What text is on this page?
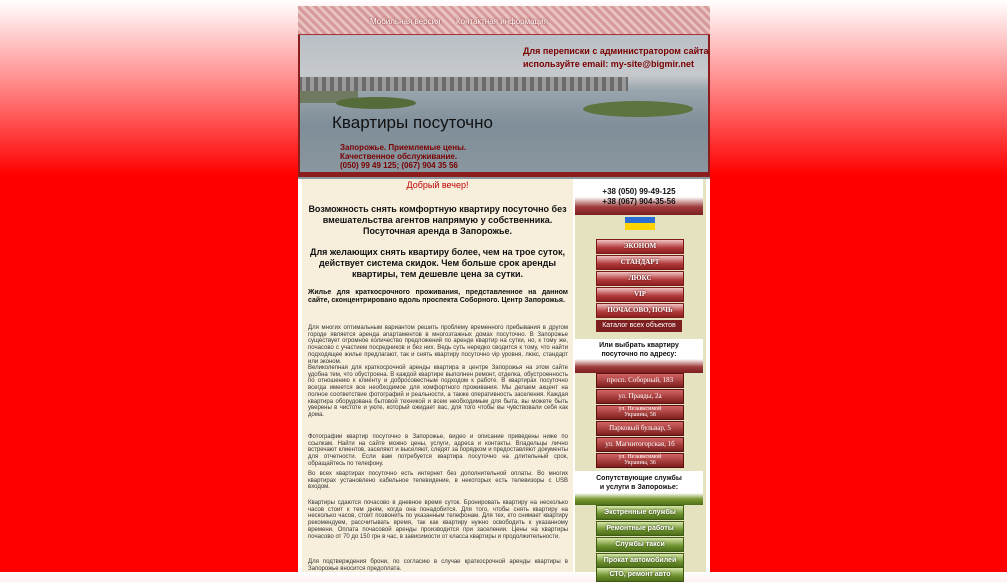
Мобильная версия Контактная информация
Для переписки с администратором сайта
используйте email: my-site@bigmir.net
Квартиры посуточно
Запорожье. Приемлемые цены.
Качественное обслуживание.
(050) 99 49 125; (067) 904 35 56
Добрый вечер!
Возможность снять комфортную квартиру посуточно без вмешательства агентов напрямую у собственника. Посуточная аренда в Запорожье.
Для желающих снять квартиру более, чем на трое суток, действует система скидок. Чем больше срок аренды квартиры, тем дешевле цена за сутки.
Жилье для краткосрочного проживания, представленное на данном сайте, сконцентрировано вдоль проспекта Соборного. Центр Запорожья.
Для многих оптимальным вариантом решить проблему временного пребывания в другом городе является аренда апартаментов в многоэтажных домах посуточно. В Запорожье существует огромное количество предложений по аренде квартир на сутки, но, к тому же, почасово с участием посредников и без них. Ведь суть нередко сводится к тому, что найти подходящее жилье предлагают, так и снять квартиру посуточно vip уровня, люкс, стандарт или эконом.
Великолепная для краткосрочной аренды квартира в центре Запорожья на этом сайте удобна тем, что обустроена. В каждой квартире выполнен ремонт, отделка, обустроенность по отношению к клиенту и добросовестным подходом к работе. В квартирах посуточно всегда имеется все необходимое для комфортного проживания. Мы делаем акцент на полное соответствие фотографий и реальности, а также оперативность заселения. Каждая квартира оборудована бытовой техникой и всем необходимым для быта, вы можете быть уверены в чистоте и уюте, который ожидает вас, для того чтобы вы чувствовали себя как дома.
Фотографии квартир посуточно в Запорожье, видео и описание приведены ниже по ссылкам. Найти на сайте можно цены, услуги, адреса и контакты. Владельцы лично встречают клиентов, заселяют и выселяют, следят за порядком и предоставляют документы для отчетности. Если вам потребуется квартира посуточно на длительный срок, обращайтесь по телефону.
Во всех квартирах посуточно есть интернет без дополнительной оплаты. Во многих квартирах установлено кабельное телевидение, в некоторых есть телевизоры с USB входом.
Квартиры сдаются почасово в дневное время суток. Бронировать квартиру на несколько часов стоит к тем дням, когда она понадобится. Для того, чтобы снять квартиру на несколько часов, стоит позвонить по указанным телефонам. Для тех, кто снимает квартиру рекомендуем, рассчитывать время, так как квартиру нужно освободить к указанному времени. Оплата почасовой аренды производится при заселении. Цены на квартиры почасово от 70 до 150 грн в час, в зависимости от класса квартиры и продолжительности.
Для подтверждения брони, по согласию в случае краткосрочной аренды квартиры в Запорожье вносится предоплата.
+38 (050) 99-49-125
+38 (067) 904-35-56
ЭКОНОМ
СТАНДАРТ
ЛЮКС
VIP
ПОЧАСОВО, ПОЧЬ
Каталог всех объектов
Или выбрать квартиру
посуточно по адресу:
просп. Соборный, 183
ул. Правды, 2а
ул. Независимой
Украины, 58
Парковый бульвар, 5
ул. Магнитогорская, 1б
ул. Независимой
Украины, 36
Сопутствующие службы
и услуги в Запорожье:
Экстренные службы
Ремонтные работы
Службы такси
Прокат автомобилей
СТО, ремонт авто
